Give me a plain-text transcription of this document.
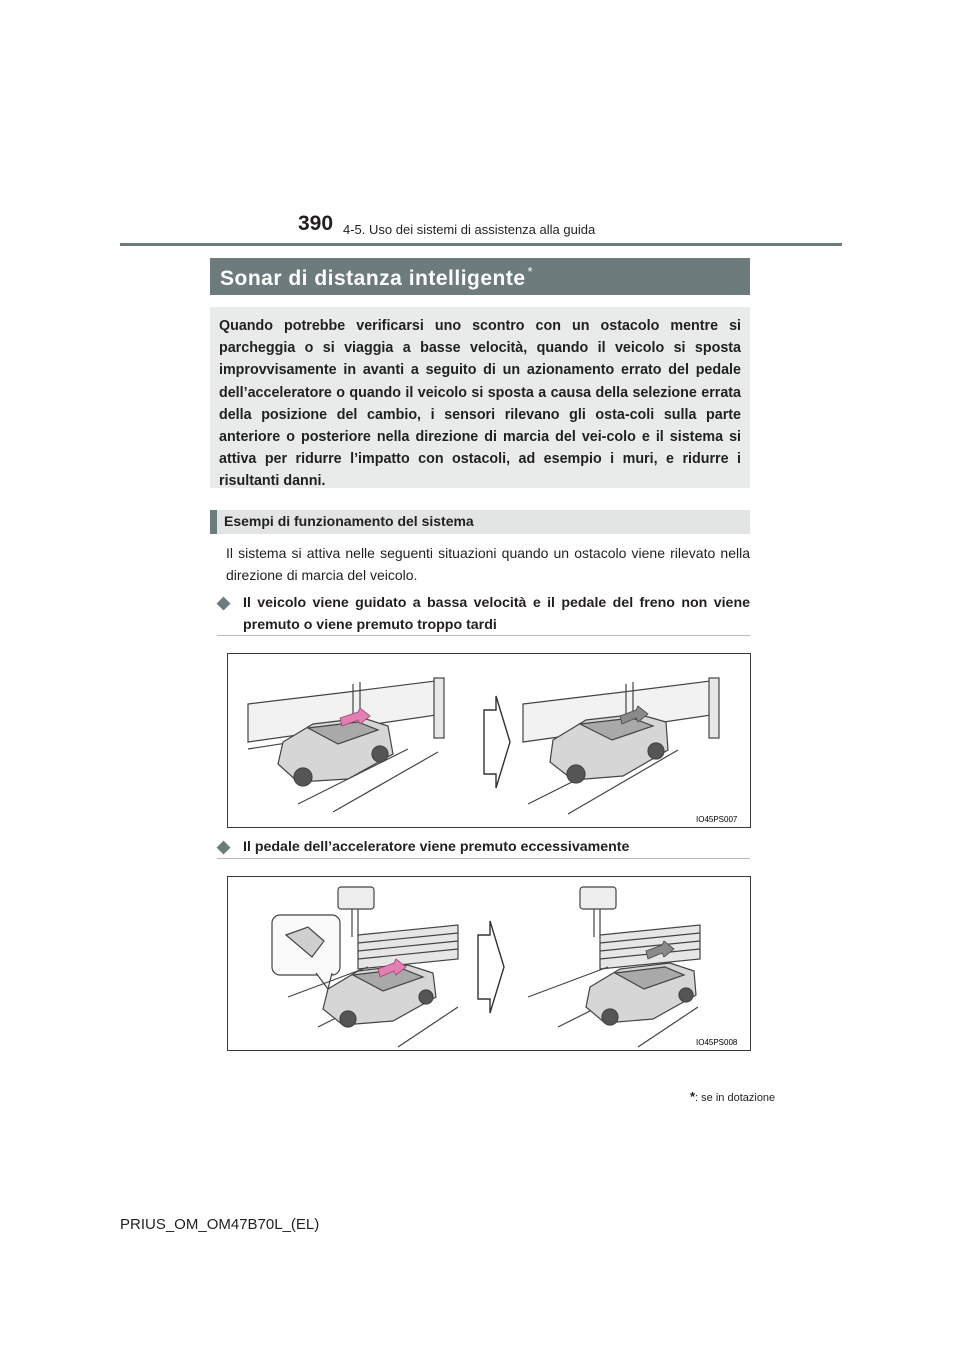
390 4-5. Uso dei sistemi di assistenza alla guida
Sonar di distanza intelligente *
Quando potrebbe verificarsi uno scontro con un ostacolo mentre si parcheggia o si viaggia a basse velocità, quando il veicolo si sposta improvvisamente in avanti a seguito di un azionamento errato del pedale dell’acceleratore o quando il veicolo si sposta a causa della selezione errata della posizione del cambio, i sensori rilevano gli osta-coli sulla parte anteriore o posteriore nella direzione di marcia del vei-colo e il sistema si attiva per ridurre l’impatto con ostacoli, ad esempio i muri, e ridurre i risultanti danni.
Esempi di funzionamento del sistema
Il sistema si attiva nelle seguenti situazioni quando un ostacolo viene rilevato nella direzione di marcia del veicolo.
◆ Il veicolo viene guidato a bassa velocità e il pedale del freno non viene premuto o viene premuto troppo tardi
IO45PS007
◆ Il pedale dell’acceleratore viene premuto eccessivamente
IO45PS008
*: se in dotazione
PRIUS_OM_OM47B70L_(EL)
